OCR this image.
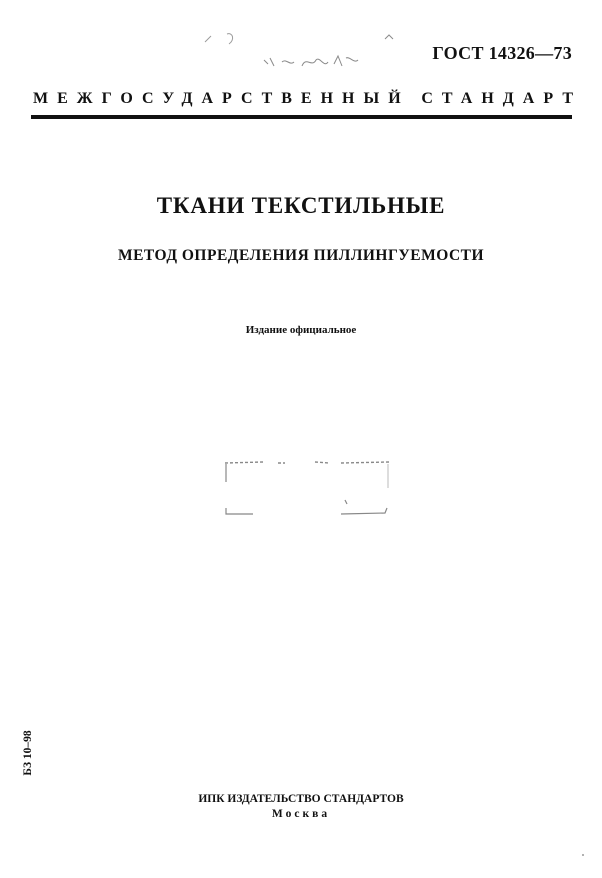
ГОСТ 14326—73
МЕЖГОСУДАРСТВЕННЫЙ СТАНДАРТ
ТКАНИ ТЕКСТИЛЬНЫЕ
МЕТОД ОПРЕДЕЛЕНИЯ ПИЛЛИНГУЕМОСТИ
Издание официальное
БЗ 10–98
ИПК ИЗДАТЕЛЬСТВО СТАНДАРТОВ
Москва
